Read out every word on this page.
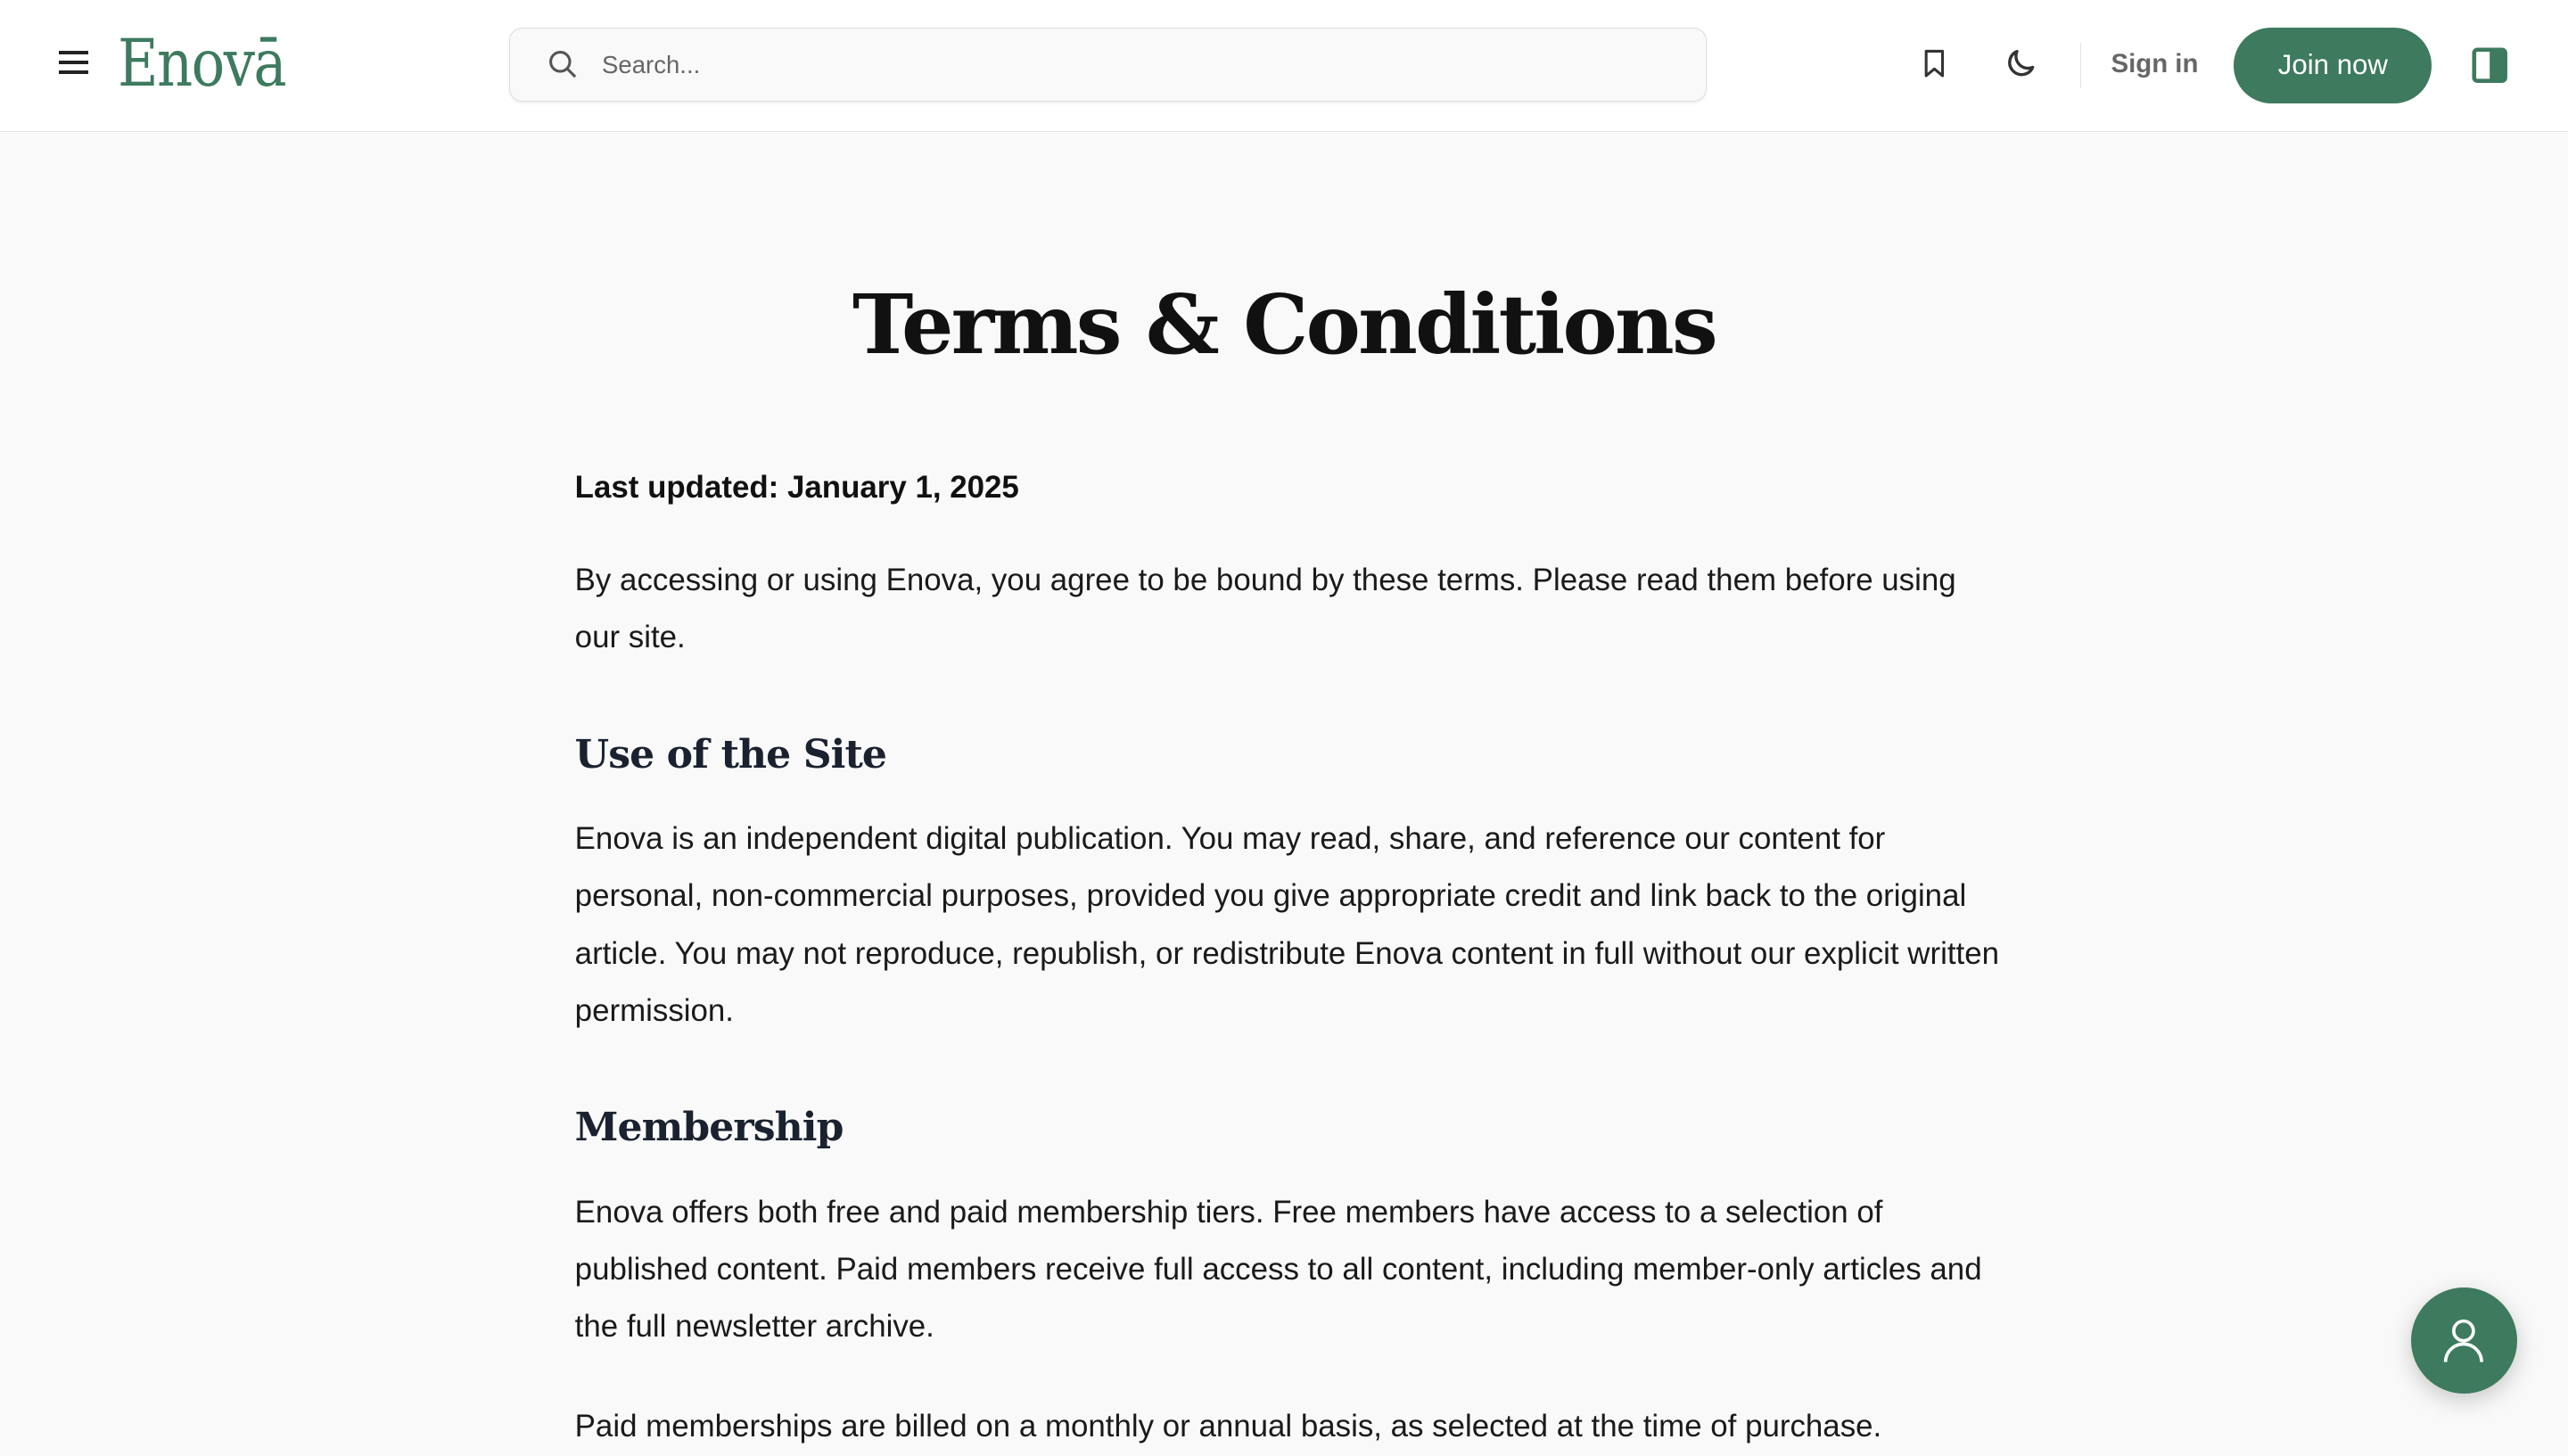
Enovā
Search...	Sign in	Join now
Terms & Conditions
Last updated: January 1, 2025

By accessing or using Enova, you agree to be bound by these terms. Please read them before using our site.

Use of the Site

Enova is an independent digital publication. You may read, share, and reference our content for personal, non-commercial purposes, provided you give appropriate credit and link back to the original article. You may not reproduce, republish, or redistribute Enova content in full without our explicit written permission.

Membership

Enova offers both free and paid membership tiers. Free members have access to a selection of published content. Paid members receive full access to all content, including member-only articles and the full newsletter archive.

Paid memberships are billed on a monthly or annual basis, as selected at the time of purchase.
